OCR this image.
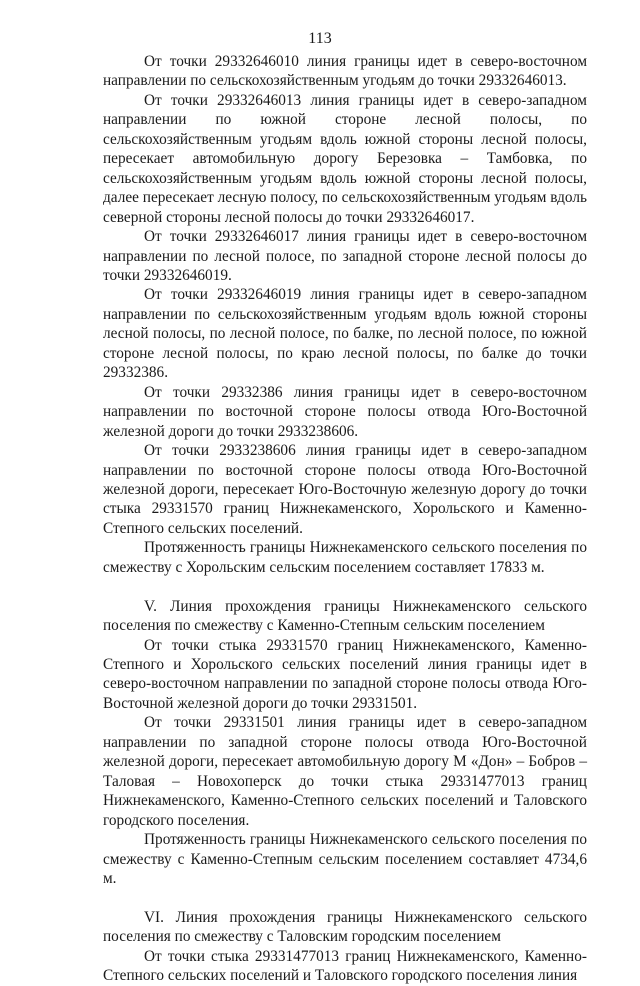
113

От точки 29332646010 линия границы идет в северо-восточном направлении по сельскохозяйственным угодьям до точки 29332646013.

От точки 29332646013 линия границы идет в северо-западном направлении по южной стороне лесной полосы, по сельскохозяйственным угодьям вдоль южной стороны лесной полосы, пересекает автомобильную дорогу Березовка – Тамбовка, по сельскохозяйственным угодьям вдоль южной стороны лесной полосы, далее пересекает лесную полосу, по сельскохозяйственным угодьям вдоль северной стороны лесной полосы до точки 29332646017.

От точки 29332646017 линия границы идет в северо-восточном направлении по лесной полосе, по западной стороне лесной полосы до точки 29332646019.

От точки 29332646019 линия границы идет в северо-западном направлении по сельскохозяйственным угодьям вдоль южной стороны лесной полосы, по лесной полосе, по балке, по лесной полосе, по южной стороне лесной полосы, по краю лесной полосы, по балке до точки 29332386.

От точки 29332386 линия границы идет в северо-восточном направлении по восточной стороне полосы отвода Юго-Восточной железной дороги до точки 2933238606.

От точки 2933238606 линия границы идет в северо-западном направлении по восточной стороне полосы отвода Юго-Восточной железной дороги, пересекает Юго-Восточную железную дорогу до точки стыка 29331570 границ Нижнекаменского, Хорольского и Каменно-Степного сельских поселений.

Протяженность границы Нижнекаменского сельского поселения по смежеству с Хорольским сельским поселением составляет 17833 м.

V. Линия прохождения границы Нижнекаменского сельского поселения по смежеству с Каменно-Степным сельским поселением

От точки стыка 29331570 границ Нижнекаменского, Каменно-Степного и Хорольского сельских поселений линия границы идет в северо-восточном направлении по западной стороне полосы отвода Юго-Восточной железной дороги до точки 29331501.

От точки 29331501 линия границы идет в северо-западном направлении по западной стороне полосы отвода Юго-Восточной железной дороги, пересекает автомобильную дорогу М «Дон» – Бобров – Таловая – Новохоперск до точки стыка 29331477013 границ Нижнекаменского, Каменно-Степного сельских поселений и Таловского городского поселения.

Протяженность границы Нижнекаменского сельского поселения по смежеству с Каменно-Степным сельским поселением составляет 4734,6 м.

VI. Линия прохождения границы Нижнекаменского сельского поселения по смежеству с Таловским городским поселением

От точки стыка 29331477013 границ Нижнекаменского, Каменно-Степного сельских поселений и Таловского городского поселения линия
